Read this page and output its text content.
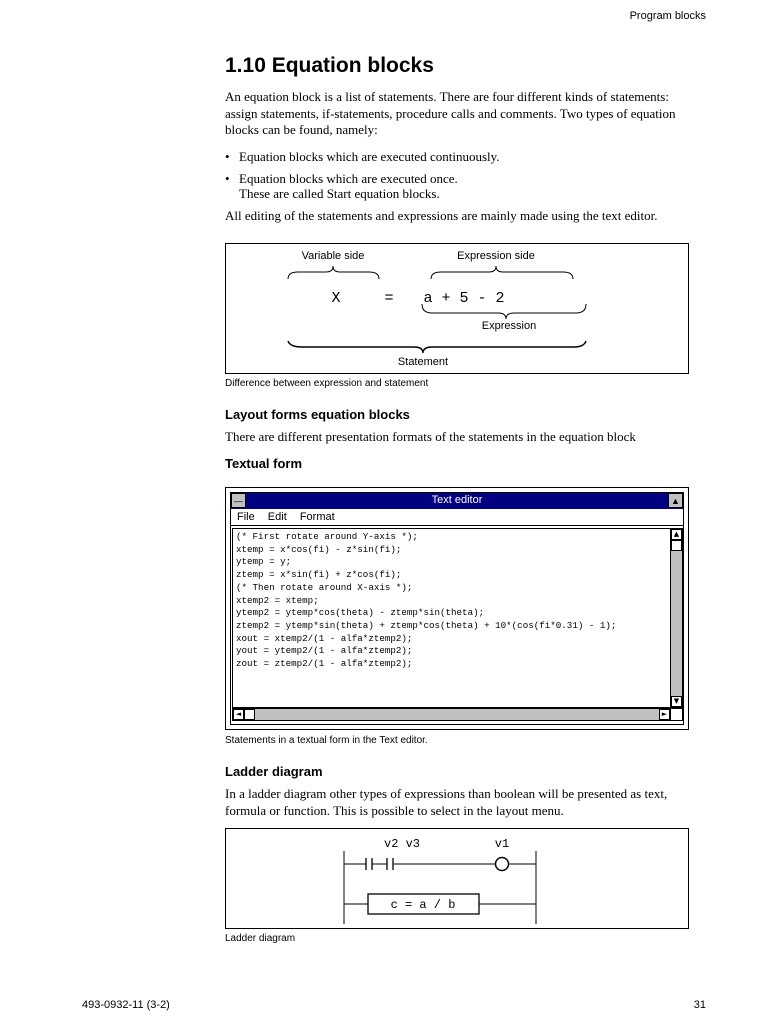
Program blocks
1.10 Equation blocks
An equation block is a list of statements. There are four different kinds of statements: assign statements, if-statements, procedure calls and comments. Two types of equation blocks can be found, namely:
• Equation blocks which are executed continuously.
• Equation blocks which are executed once.
These are called Start equation blocks.
All editing of the statements and expressions are mainly made using the text editor.
Variable side	Expression side
X	= a + 5 - 2
Expression
Statement
Difference between expression and statement
Layout forms equation blocks
There are different presentation formats of the statements in the equation block
Textual form
—	Text editor	▲
File Edit Format
(* First rotate around Y-axis *);
xtemp = x*cos(fi) - z*sin(fi);
ytemp = y;
ztemp = x*sin(fi) + z*cos(fi);
(* Then rotate around X-axis *);
xtemp2 = xtemp;
ytemp2 = ytemp*cos(theta) - ztemp*sin(theta);
ztemp2 = ytemp*sin(theta) + ztemp*cos(theta) + 10*(cos(fi*0.31) - 1);
xout = xtemp2/(1 - alfa*ztemp2);
yout = ytemp2/(1 - alfa*ztemp2);
zout = ztemp2/(1 - alfa*ztemp2);
▲
▼
◄	►
Statements in a textual form in the Text editor.
Ladder diagram
In a ladder diagram other types of expressions than boolean will be presented as text, formula or function. This is possible to select in the layout menu.
v2 v3	v1
c = a / b
Ladder diagram
493-0932-11 (3-2)	31
